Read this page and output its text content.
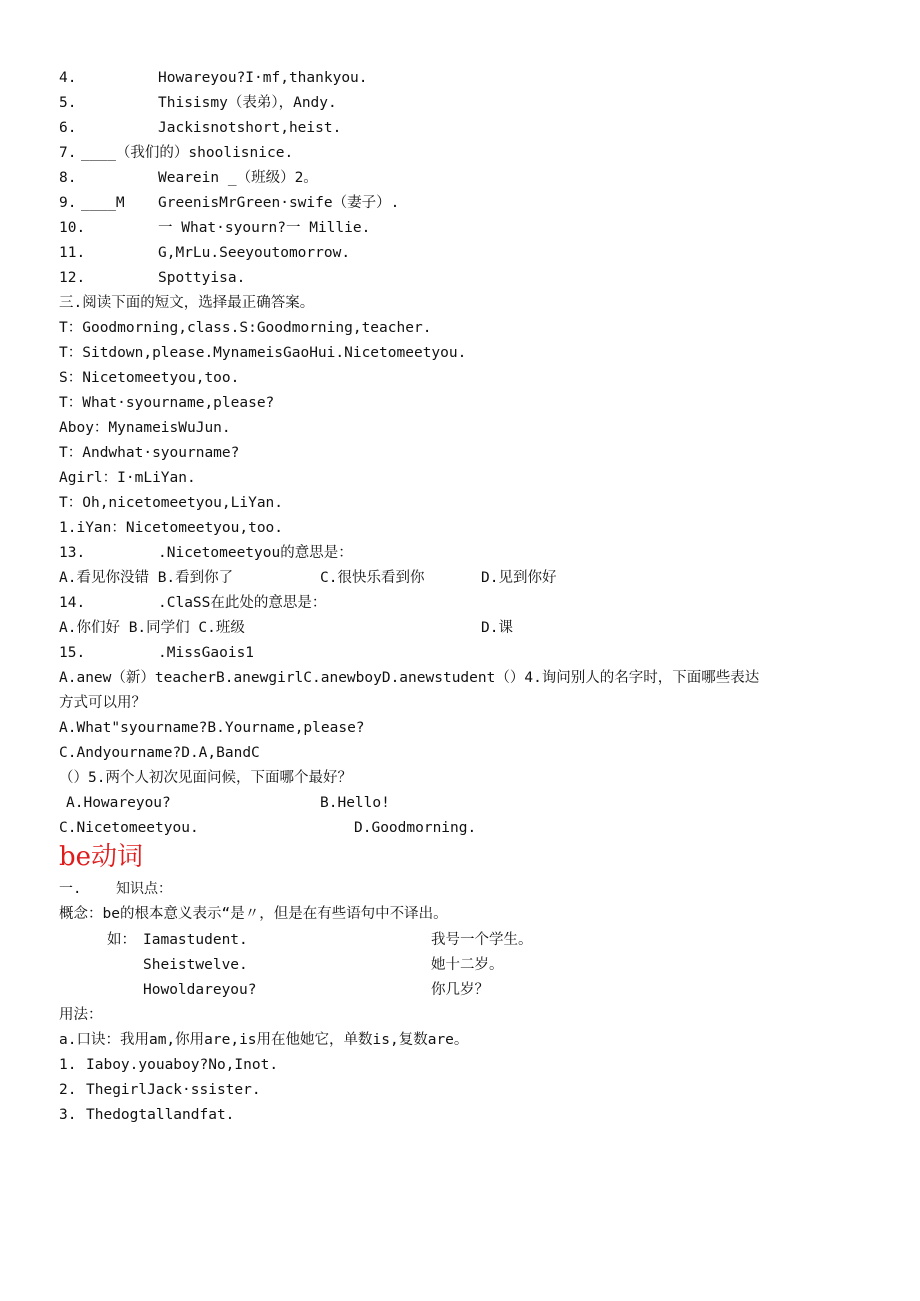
4.	Howareyou?I·mf,thankyou.
5.	Thisismy（表弟），Andy.
6.	Jackisnotshort,heist.
7. ____（我们的）shoolisnice.
8.	Wearein _（班级）2。
9. ____M GreenisMrGreen·swife（妻子）.
10.	一 What·syourn?一 Millie.
11.	G,MrLu.Seeyoutomorrow.
12.	Spottyisa.
三.阅读下面的短文，选择最正确答案。
T：Goodmorning,class.S:Goodmorning,teacher.
T：Sitdown,please.MynameisGaoHui.Nicetomeetyou.
S：Nicetomeetyou,too.
T：What·syourname,please?
Aboy：MynameisWuJun.
T：Andwhat·syourname?
Agirl：I·mLiYan.
T：Oh,nicetomeetyou,LiYan.
1.iYan：Nicetomeetyou,too.
13.	.Nicetomeetyou的意思是：
A.看见你没错 B.看到你了	C.很快乐看到你	D.见到你好
14.	.ClaSS在此处的意思是：
A.你们好 B.同学们 C.班级	D.课
15.	.MissGaois1
A.anew（新）teacherB.anewgirlC.anewboyD.anewstudent（）4.询问别人的名字时，下面哪些表达
方式可以用？
A.What"syourname?B.Yourname,please?
C.Andyourname?D.A,BandC
（）5.两个人初次见面问候，下面哪个最好？
A.Howareyou?	B.Hello!
C.Nicetomeetyou.	D.Goodmorning.
be动词
一. 知识点：
概念：be的根本意义表示“是〃，但是在有些语句中不译出。
如： Iamastudent.	我号一个学生。
Sheistwelve.	她十二岁。
Howoldareyou?	你几岁？
用法：
a.口诀：我用am,你用are,is用在他她它，单数is,复数are。
1. Iaboy.youaboy?No,Inot.
2. ThegirlJack·ssister.
3. Thedogtallandfat.
